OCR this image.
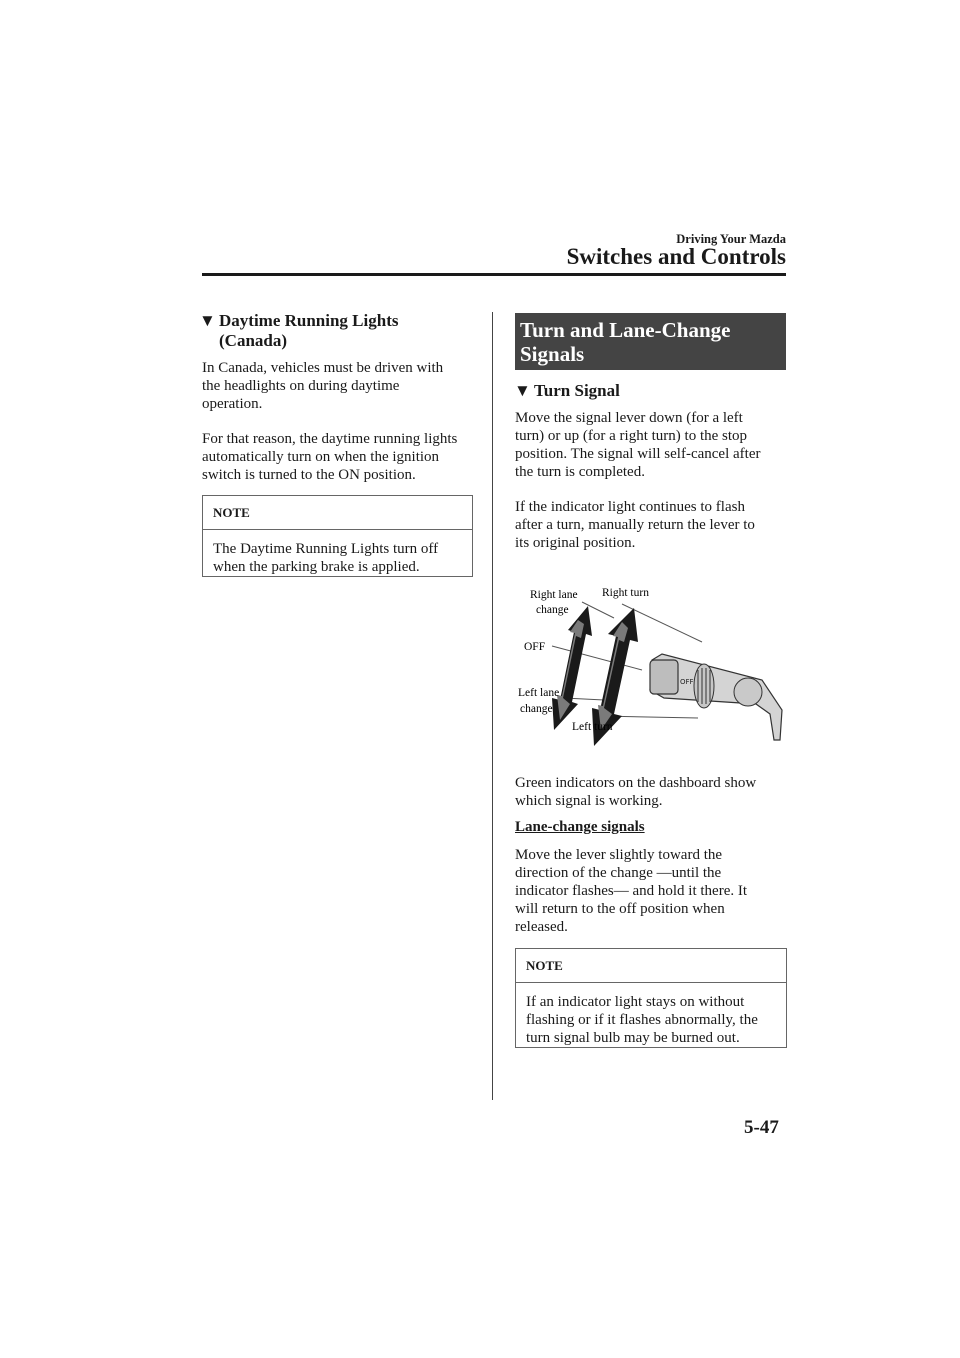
Driving Your Mazda
Switches and Controls
▼ Daytime Running Lights
(Canada)

In Canada, vehicles must be driven with

the headlights on during daytime

operation.

For that reason, the daytime running lights

automatically turn on when the ignition

switch is turned to the ON position.

NOTE
The Daytime Running Lights turn off
when the parking brake is applied.
Turn and Lane-Change
Signals
▼ Turn Signal

Move the signal lever down (for a left

turn) or up (for a right turn) to the stop

position. The signal will self-cancel after

the turn is completed.

If the indicator light continues to flash

after a turn, manually return the lever to

its original position.

OFF
Right lane
change
Right turn
OFF
Left lane
change
Left turn

Green indicators on the dashboard show

which signal is working.

Lane-change signals

Move the lever slightly toward the

direction of the change —until the

indicator flashes— and hold it there. It

will return to the off position when

released.

NOTE
If an indicator light stays on without
flashing or if it flashes abnormally, the
turn signal bulb may be burned out.
5-47
